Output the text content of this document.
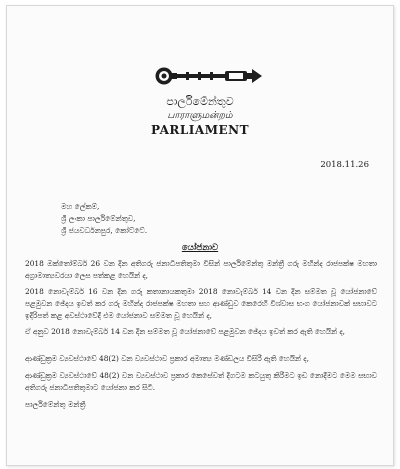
පාර්ලිමේන්තුව
பாராளுமன்றம்
PARLIAMENT
2018.11.26
මහ ලේකම්,
ශ්‍රී ලංකා පාර්ලිමේන්තුව,
ශ්‍රී ජයවර්ධනපුර, කෝට්ටේ.
යෝජනාව

2018 ඔක්තෝම්බර් 26 වන දින අතිගරු ජනාධිපතිතුමා විසින් පාර්ලිමේන්තු මන්ත්‍රී ගරු මහින්ද රාජපක්ෂ මහතා අග්‍රාමාත්‍යවරයා ලෙස පත්කළ හෙයින් ද,

2018 නොවැම්බර් 16 වන දින ගරු කතානායකතුමා 2018 නොවැම්බර් 14 වන දින සම්මත වූ යෝජනාවේ පළමුවන ඡේදය ඉවත් කර ගරු මහින්ද රාජපක්ෂ මහතා සහ ආණ්ඩුව කෙරෙහි විශ්වාස භංග යෝජනාවක් සභාවට ඉදිරිපත් කළ අවස්ථාවේදී එම යෝජනාව සම්මත වූ හෙයින් ද,

ඒ අනුව 2018 නොවැම්බර් 14 වන දින සම්මත වූ යෝජනාවේ පළමුවන ඡේදය ඉවත් කර ඇති හෙයින් ද,

ආණ්ඩුක්‍රම ව්‍යවස්ථාවේ 48(2) වන ව්‍යවස්ථාව ප්‍රකාර අමාත්‍ය මණ්ඩලය විසිරී ඇති හෙයින් ද,

ආණ්ඩුක්‍රම ව්‍යවස්ථාවේ 48(2) වන ව්‍යවස්ථාව ප්‍රකාර කෙසේවත් දිගටම කටයුතු කිරීමට ඉඩ නොදීමට මෙම සභාව අතිගරු ජනාධිපතිතුමාට යෝජනා කර සිටී.

පාර්ලිමේන්තු මන්ත්‍රී
